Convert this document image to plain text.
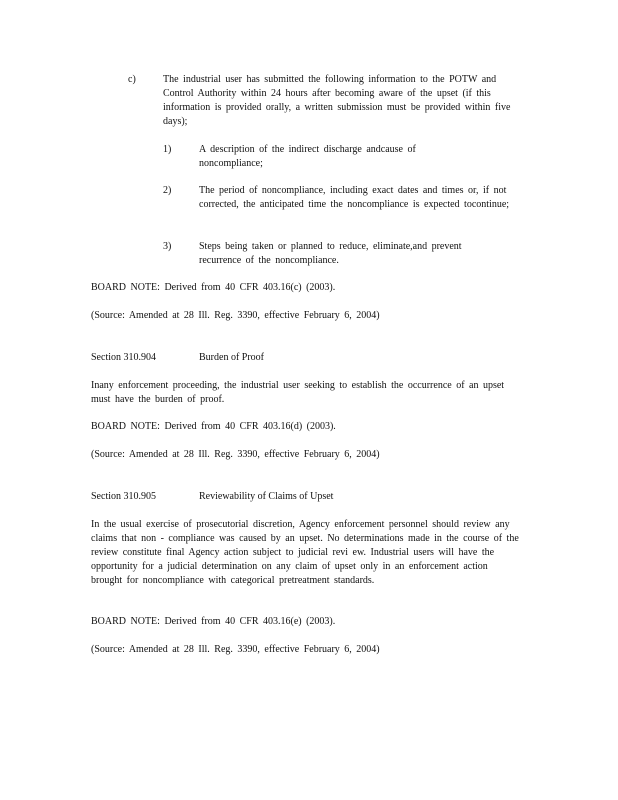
c)	The industrial user has submitted the following information to the POTW and Control Authority within 24 hours after becoming aware of the upset (if this information is provided orally, a written submission must be provided within five days);
1)	A description of the indirect discharge andcause of noncompliance;
2)	The period of noncompliance, including exact dates and times or, if not corrected, the anticipated time the noncompliance is expected tocontinue;
3)	Steps being taken or planned to reduce, eliminate,and prevent recurrence of the noncompliance.
BOARD NOTE: Derived from 40 CFR 403.16(c) (2003).
(Source: Amended at 28 Ill. Reg. 3390, effective February 6, 2004)
Section 310.904	Burden of Proof
Inany enforcement proceeding, the industrial user seeking to establish the occurrence of an upset must have the burden of proof.
BOARD NOTE: Derived from 40 CFR 403.16(d) (2003).
(Source: Amended at 28 Ill. Reg. 3390, effective February 6, 2004)
Section 310.905	Reviewability of Claims of Upset
In the usual exercise of prosecutorial discretion, Agency enforcement personnel should review any claims that non - compliance was caused by an upset. No determinations made in the course of the review constitute final Agency action subject to judicial revi ew. Industrial users will have the opportunity for a judicial determination on any claim of upset only in an enforcement action brought for noncompliance with categorical pretreatment standards.
BOARD NOTE: Derived from 40 CFR 403.16(e) (2003).
(Source: Amended at 28 Ill. Reg. 3390, effective February 6, 2004)
